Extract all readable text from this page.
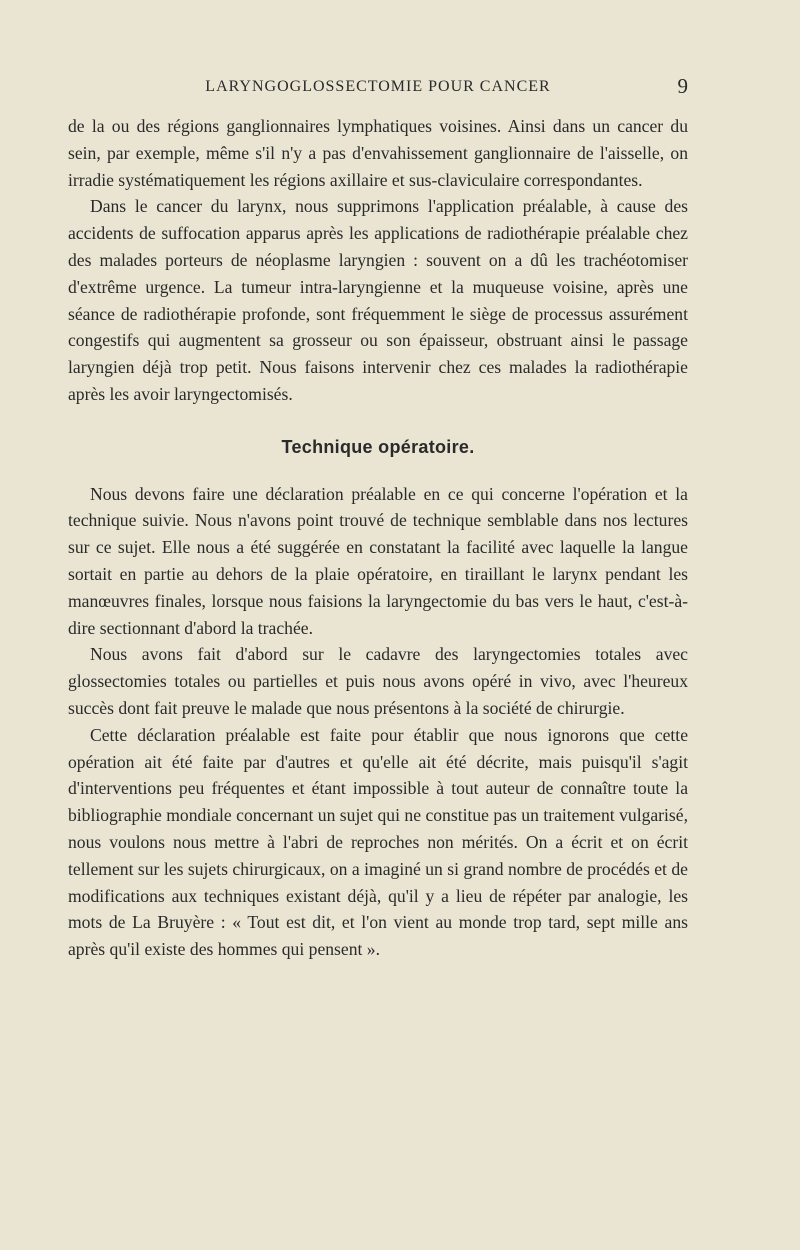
LARYNGOGLOSSECTOMIE POUR CANCER	9

de la ou des régions ganglionnaires lymphatiques voisines. Ainsi dans un cancer du sein, par exemple, même s'il n'y a pas d'envahissement ganglionnaire de l'aisselle, on irradie systématiquement les régions axillaire et sus-claviculaire correspondantes.

Dans le cancer du larynx, nous supprimons l'application préalable, à cause des accidents de suffocation apparus après les applications de radiothérapie préalable chez des malades porteurs de néoplasme laryngien : souvent on a dû les trachéotomiser d'extrême urgence. La tumeur intra-laryngienne et la muqueuse voisine, après une séance de radiothérapie profonde, sont fréquemment le siège de processus assurément congestifs qui augmentent sa grosseur ou son épaisseur, obstruant ainsi le passage laryngien déjà trop petit. Nous faisons intervenir chez ces malades la radiothérapie après les avoir laryngectomisés.

Technique opératoire.

Nous devons faire une déclaration préalable en ce qui concerne l'opération et la technique suivie. Nous n'avons point trouvé de technique semblable dans nos lectures sur ce sujet. Elle nous a été suggérée en constatant la facilité avec laquelle la langue sortait en partie au dehors de la plaie opératoire, en tiraillant le larynx pendant les manœuvres finales, lorsque nous faisions la laryngectomie du bas vers le haut, c'est-à-dire sectionnant d'abord la trachée.

Nous avons fait d'abord sur le cadavre des laryngectomies totales avec glossectomies totales ou partielles et puis nous avons opéré in vivo, avec l'heureux succès dont fait preuve le malade que nous présentons à la société de chirurgie.

Cette déclaration préalable est faite pour établir que nous ignorons que cette opération ait été faite par d'autres et qu'elle ait été décrite, mais puisqu'il s'agit d'interventions peu fréquentes et étant impossible à tout auteur de connaître toute la bibliographie mondiale concernant un sujet qui ne constitue pas un traitement vulgarisé, nous voulons nous mettre à l'abri de reproches non mérités. On a écrit et on écrit tellement sur les sujets chirurgicaux, on a imaginé un si grand nombre de procédés et de modifications aux techniques existant déjà, qu'il y a lieu de répéter par analogie, les mots de La Bruyère : « Tout est dit, et l'on vient au monde trop tard, sept mille ans après qu'il existe des hommes qui pensent ».
